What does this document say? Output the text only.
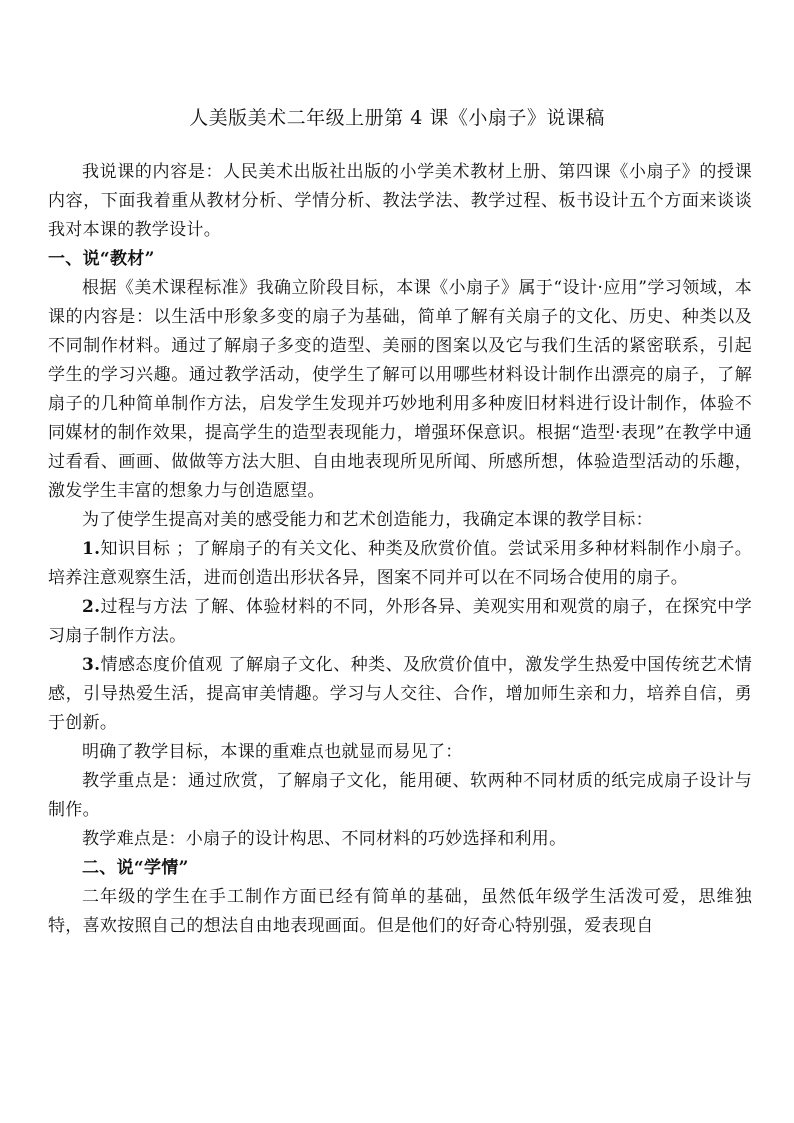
人美版美术二年级上册第 4 课《小扇子》说课稿

我说课的内容是：人民美术出版社出版的小学美术教材上册、第四课《小扇子》的授课内容，下面我着重从教材分析、学情分析、教法学法、教学过程、板书设计五个方面来谈谈我对本课的教学设计。

一、说“教材”

根据《美术课程标准》我确立阶段目标，本课《小扇子》属于“设计·应用”学习领域，本课的内容是：以生活中形象多变的扇子为基础，简单了解有关扇子的文化、历史、种类以及不同制作材料。通过了解扇子多变的造型、美丽的图案以及它与我们生活的紧密联系，引起学生的学习兴趣。通过教学活动，使学生了解可以用哪些材料设计制作出漂亮的扇子，了解扇子的几种简单制作方法，启发学生发现并巧妙地利用多种废旧材料进行设计制作，体验不同媒材的制作效果，提高学生的造型表现能力，增强环保意识。根据“造型·表现”在教学中通过看看、画画、做做等方法大胆、自由地表现所见所闻、所感所想，体验造型活动的乐趣，激发学生丰富的想象力与创造愿望。

为了使学生提高对美的感受能力和艺术创造能力，我确定本课的教学目标：

1.知识目标 ；了解扇子的有关文化、种类及欣赏价值。尝试采用多种材料制作小扇子。培养注意观察生活，进而创造出形状各异，图案不同并可以在不同场合使用的扇子。

2.过程与方法 了解、体验材料的不同，外形各异、美观实用和观赏的扇子，在探究中学习扇子制作方法。

3.情感态度价值观 了解扇子文化、种类、及欣赏价值中，激发学生热爱中国传统艺术情感，引导热爱生活，提高审美情趣。学习与人交往、合作，增加师生亲和力，培养自信，勇于创新。

明确了教学目标，本课的重难点也就显而易见了：

教学重点是：通过欣赏，了解扇子文化，能用硬、软两种不同材质的纸完成扇子设计与制作。

教学难点是：小扇子的设计构思、不同材料的巧妙选择和利用。

二、说“学情”

二年级的学生在手工制作方面已经有简单的基础，虽然低年级学生活泼可爱，思维独特，喜欢按照自己的想法自由地表现画面。但是他们的好奇心特别强，爱表现自
